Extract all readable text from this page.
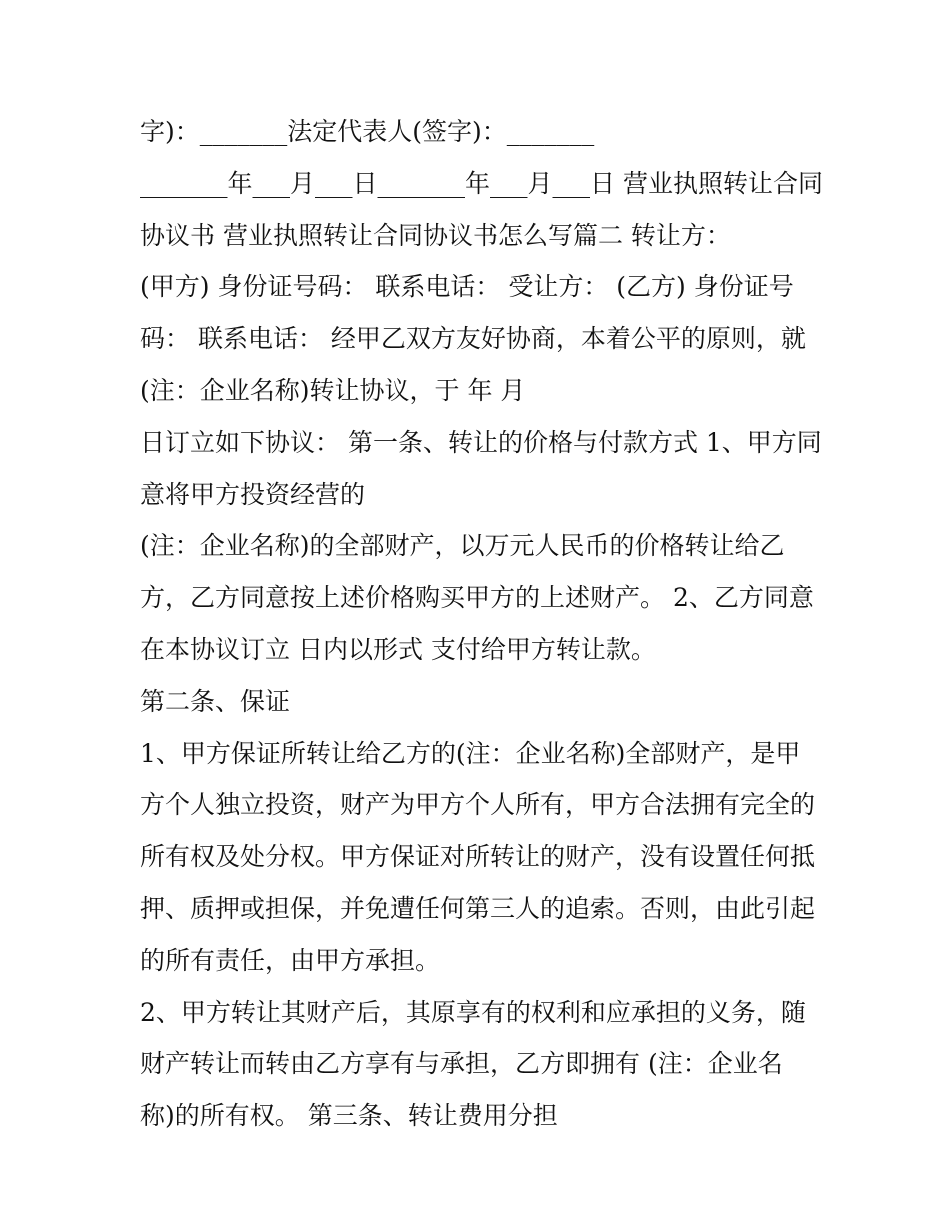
字)：_______法定代表人(签字)：_______
_______年___月___日_______年___月___日 营业执照转让合同
协议书 营业执照转让合同协议书怎么写篇二 转让方：
(甲方) 身份证号码： 联系电话： 受让方： (乙方) 身份证号
码： 联系电话： 经甲乙双方友好协商，本着公平的原则，就
(注：企业名称)转让协议，于 年 月
日订立如下协议： 第一条、转让的价格与付款方式 1、甲方同
意将甲方投资经营的
(注：企业名称)的全部财产，以万元人民币的价格转让给乙
方，乙方同意按上述价格购买甲方的上述财产。 2、乙方同意
在本协议订立 日内以形式 支付给甲方转让款。
第二条、保证
1、甲方保证所转让给乙方的(注：企业名称)全部财产，是甲
方个人独立投资，财产为甲方个人所有，甲方合法拥有完全的
所有权及处分权。甲方保证对所转让的财产，没有设置任何抵
押、质押或担保，并免遭任何第三人的追索。否则，由此引起
的所有责任，由甲方承担。
2、甲方转让其财产后，其原享有的权利和应承担的义务，随
财产转让而转由乙方享有与承担，乙方即拥有 (注：企业名
称)的所有权。 第三条、转让费用分担
